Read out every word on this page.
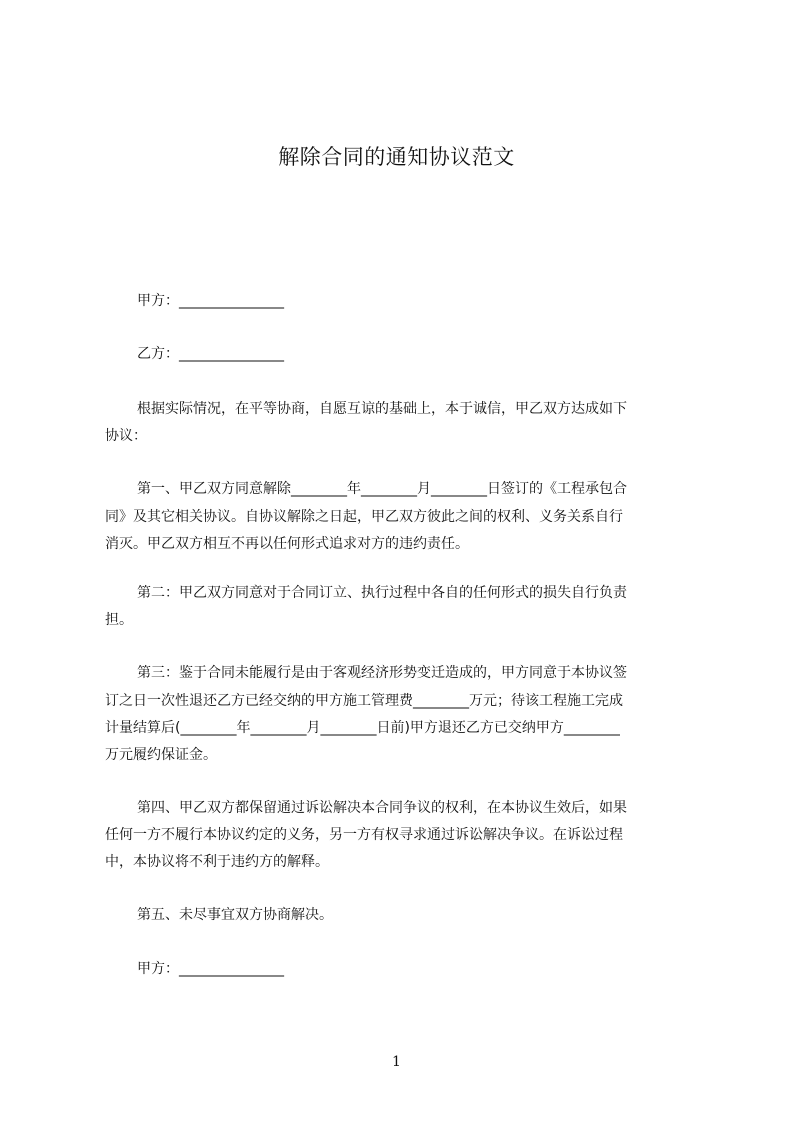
解除合同的通知协议范文
甲方：_______________
乙方：_______________
根据实际情况，在平等协商，自愿互谅的基础上，本于诚信，甲乙双方达成如下
协议：
第一、甲乙双方同意解除________年________月________日签订的《工程承包合
同》及其它相关协议。自协议解除之日起，甲乙双方彼此之间的权利、义务关系自行
消灭。甲乙双方相互不再以任何形式追求对方的违约责任。
第二：甲乙双方同意对于合同订立、执行过程中各自的任何形式的损失自行负责
担。
第三：鉴于合同未能履行是由于客观经济形势变迁造成的，甲方同意于本协议签
订之日一次性退还乙方已经交纳的甲方施工管理费________万元；待该工程施工完成
计量结算后(________年________月________日前)甲方退还乙方已交纳甲方________
万元履约保证金。
第四、甲乙双方都保留通过诉讼解决本合同争议的权利，在本协议生效后，如果
任何一方不履行本协议约定的义务，另一方有权寻求通过诉讼解决争议。在诉讼过程
中，本协议将不利于违约方的解释。
第五、未尽事宜双方协商解决。
甲方：_______________
1
